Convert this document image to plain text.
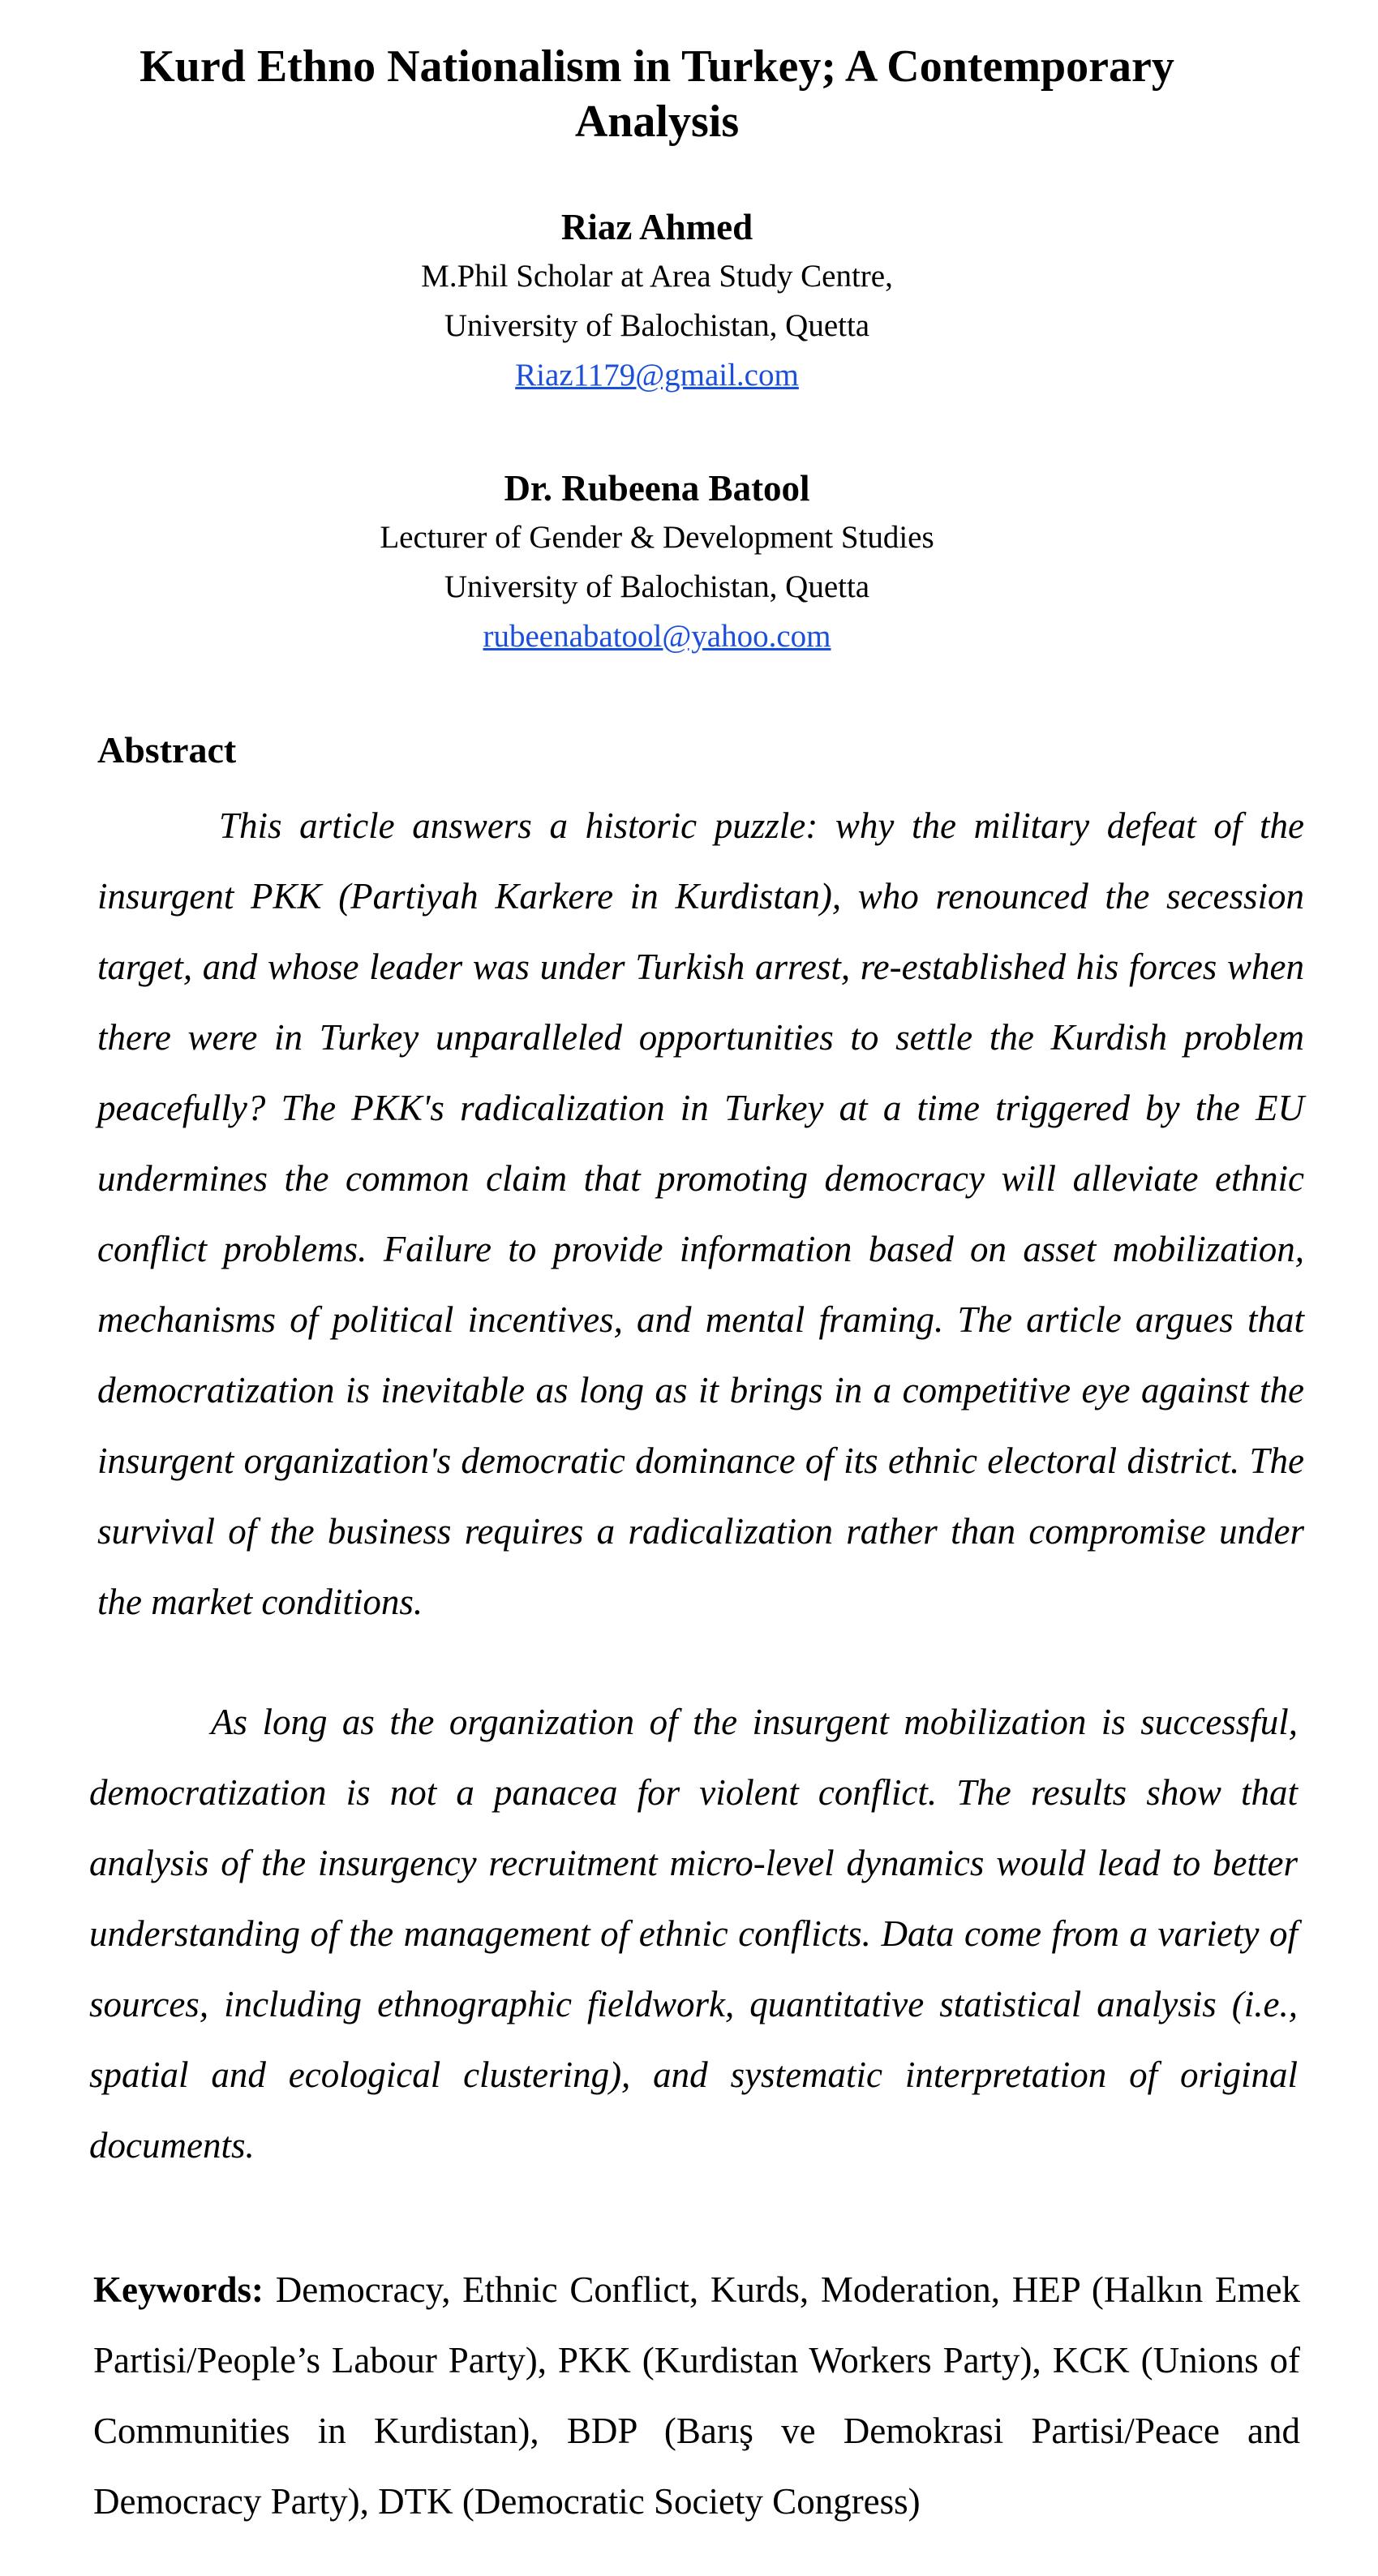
Kurd Ethno Nationalism in Turkey; A Contemporary Analysis
Riaz Ahmed
M.Phil Scholar at Area Study Centre,
University of Balochistan, Quetta
Riaz1179@gmail.com
Dr. Rubeena Batool
Lecturer of Gender & Development Studies
University of Balochistan, Quetta
rubeenabatool@yahoo.com
Abstract

This article answers a historic puzzle: why the military defeat of the insurgent PKK (Partiyah Karkere in Kurdistan), who renounced the secession target, and whose leader was under Turkish arrest, re-established his forces when there were in Turkey unparalleled opportunities to settle the Kurdish problem peacefully? The PKK's radicalization in Turkey at a time triggered by the EU undermines the common claim that promoting democracy will alleviate ethnic conflict problems. Failure to provide information based on asset mobilization, mechanisms of political incentives, and mental framing. The article argues that democratization is inevitable as long as it brings in a competitive eye against the insurgent organization's democratic dominance of its ethnic electoral district. The survival of the business requires a radicalization rather than compromise under the market conditions.

As long as the organization of the insurgent mobilization is successful, democratization is not a panacea for violent conflict. The results show that analysis of the insurgency recruitment micro-level dynamics would lead to better understanding of the management of ethnic conflicts. Data come from a variety of sources, including ethnographic fieldwork, quantitative statistical analysis (i.e., spatial and ecological clustering), and systematic interpretation of original documents.

Keywords: Democracy, Ethnic Conflict, Kurds, Moderation, HEP (Halkın Emek Partisi/People’s Labour Party), PKK (Kurdistan Workers Party), KCK (Unions of Communities in Kurdistan), BDP (Barış ve Demokrasi Partisi/Peace and Democracy Party), DTK (Democratic Society Congress)
